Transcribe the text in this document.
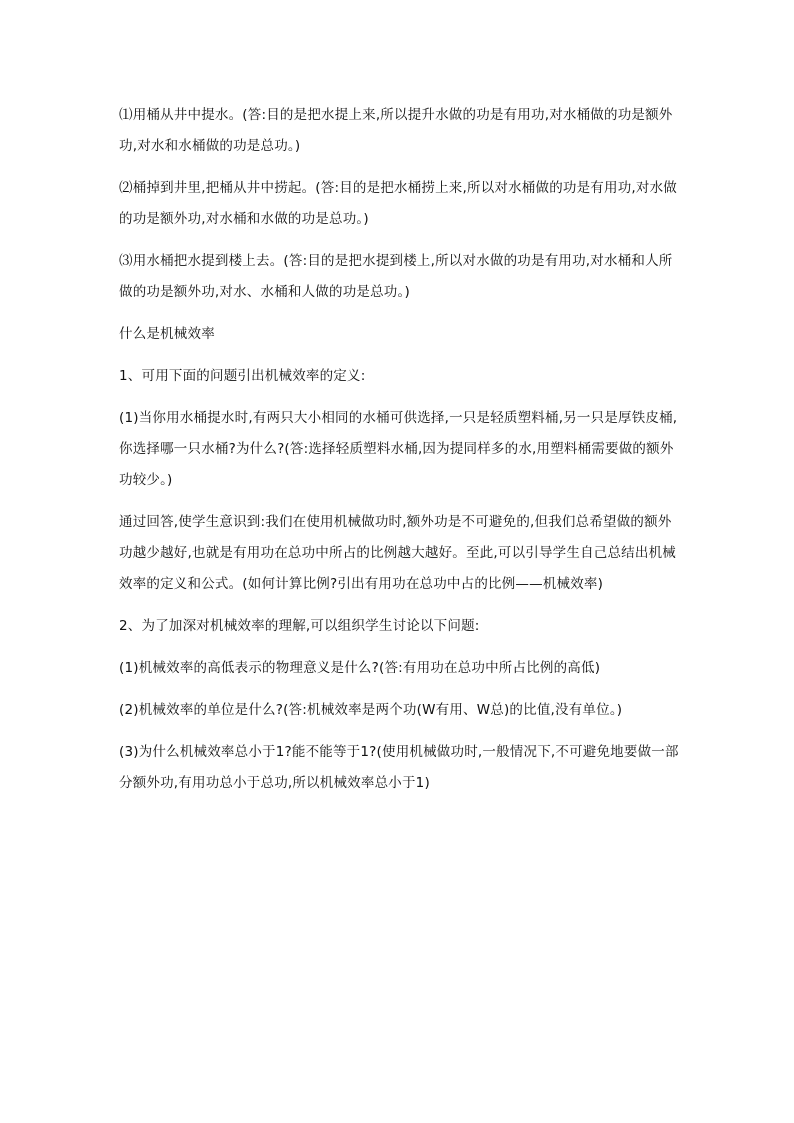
⑴用桶从井中提水。(答:目的是把水提上来,所以提升水做的功是有用功,对水桶做的功是额外功,对水和水桶做的功是总功。)

⑵桶掉到井里,把桶从井中捞起。(答:目的是把水桶捞上来,所以对水桶做的功是有用功,对水做的功是额外功,对水桶和水做的功是总功。)

⑶用水桶把水提到楼上去。(答:目的是把水提到楼上,所以对水做的功是有用功,对水桶和人所做的功是额外功,对水、水桶和人做的功是总功。)

什么是机械效率

1、可用下面的问题引出机械效率的定义:

(1)当你用水桶提水时,有两只大小相同的水桶可供选择,一只是轻质塑料桶,另一只是厚铁皮桶,你选择哪一只水桶?为什么?(答:选择轻质塑料水桶,因为提同样多的水,用塑料桶需要做的额外功较少。)

通过回答,使学生意识到:我们在使用机械做功时,额外功是不可避免的,但我们总希望做的额外功越少越好,也就是有用功在总功中所占的比例越大越好。至此,可以引导学生自己总结出机械效率的定义和公式。(如何计算比例?引出有用功在总功中占的比例——机械效率)

2、为了加深对机械效率的理解,可以组织学生讨论以下问题:

(1)机械效率的高低表示的物理意义是什么?(答:有用功在总功中所占比例的高低)

(2)机械效率的单位是什么?(答:机械效率是两个功(W有用、W总)的比值,没有单位。)

(3)为什么机械效率总小于1?能不能等于1?(使用机械做功时,一般情况下,不可避免地要做一部分额外功,有用功总小于总功,所以机械效率总小于1)
